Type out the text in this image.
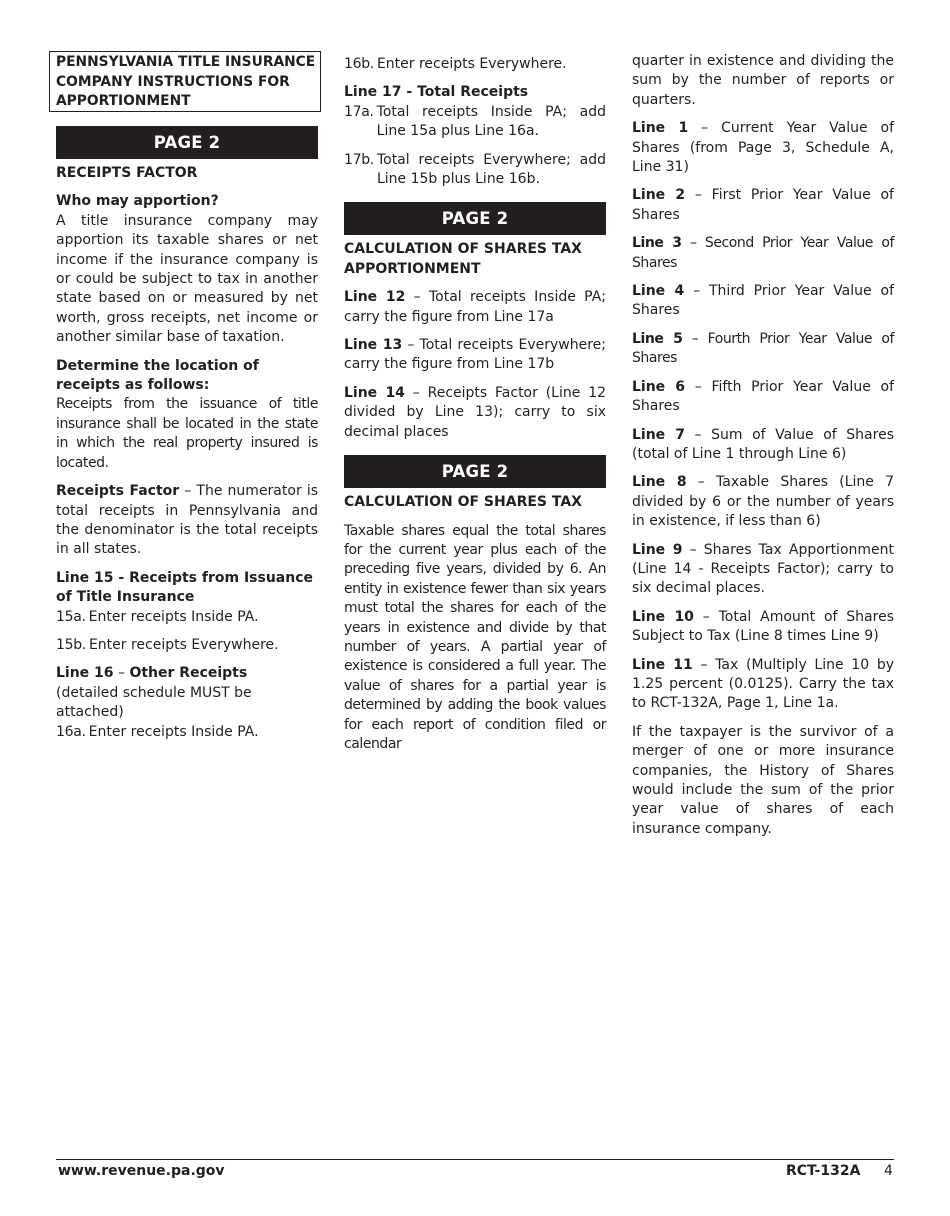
PENNSYLVANIA TITLE INSURANCE
COMPANY INSTRUCTIONS FOR
APPORTIONMENT
PAGE 2

RECEIPTS FACTOR

Who may apportion?

A title insurance company may apportion its taxable shares or net income if the insurance company is or could be subject to tax in another state based on or measured by net worth, gross receipts, net income or another similar base of taxation.

Determine the location of receipts as follows:

Receipts from the issuance of title insurance shall be located in the state in which the real property insured is located.

Receipts Factor – The numerator is total receipts in Pennsylvania and the denominator is the total receipts in all states.

Line 15 - Receipts from Issuance of Title Insurance

15a. Enter receipts Inside PA.
15b. Enter receipts Everywhere.

Line 16 – Other Receipts

(detailed schedule MUST be attached)

16a. Enter receipts Inside PA.
16b. Enter receipts Everywhere.

Line 17 - Total Receipts

17a. Total receipts Inside PA; add Line 15a plus Line 16a.
17b. Total receipts Everywhere; add Line 15b plus Line 16b.
PAGE 2

CALCULATION OF SHARES TAX APPORTIONMENT

Line 12 – Total receipts Inside PA; carry the figure from Line 17a

Line 13 – Total receipts Everywhere; carry the figure from Line 17b

Line 14 – Receipts Factor (Line 12 divided by Line 13); carry to six decimal places

PAGE 2

CALCULATION OF SHARES TAX

Taxable shares equal the total shares for the current year plus each of the preceding five years, divided by 6. An entity in existence fewer than six years must total the shares for each of the years in existence and divide by that number of years. A partial year of existence is considered a full year. The value of shares for a partial year is determined by adding the book values for each report of condition filed or calendar

quarter in existence and dividing the sum by the number of reports or quarters.

Line 1 – Current Year Value of Shares (from Page 3, Schedule A, Line 31)

Line 2 – First Prior Year Value of Shares

Line 3 – Second Prior Year Value of Shares

Line 4 – Third Prior Year Value of Shares

Line 5 – Fourth Prior Year Value of Shares

Line 6 – Fifth Prior Year Value of Shares

Line 7 – Sum of Value of Shares (total of Line 1 through Line 6)

Line 8 – Taxable Shares (Line 7 divided by 6 or the number of years in existence, if less than 6)

Line 9 – Shares Tax Apportionment (Line 14 - Receipts Factor); carry to six decimal places.

Line 10 – Total Amount of Shares Subject to Tax (Line 8 times Line 9)

Line 11 – Tax (Multiply Line 10 by 1.25 percent (0.0125). Carry the tax to RCT-132A, Page 1, Line 1a.

If the taxpayer is the survivor of a merger of one or more insurance companies, the History of Shares would include the sum of the prior year value of shares of each insurance company.

www.revenue.pa.gov	RCT-132A 4
